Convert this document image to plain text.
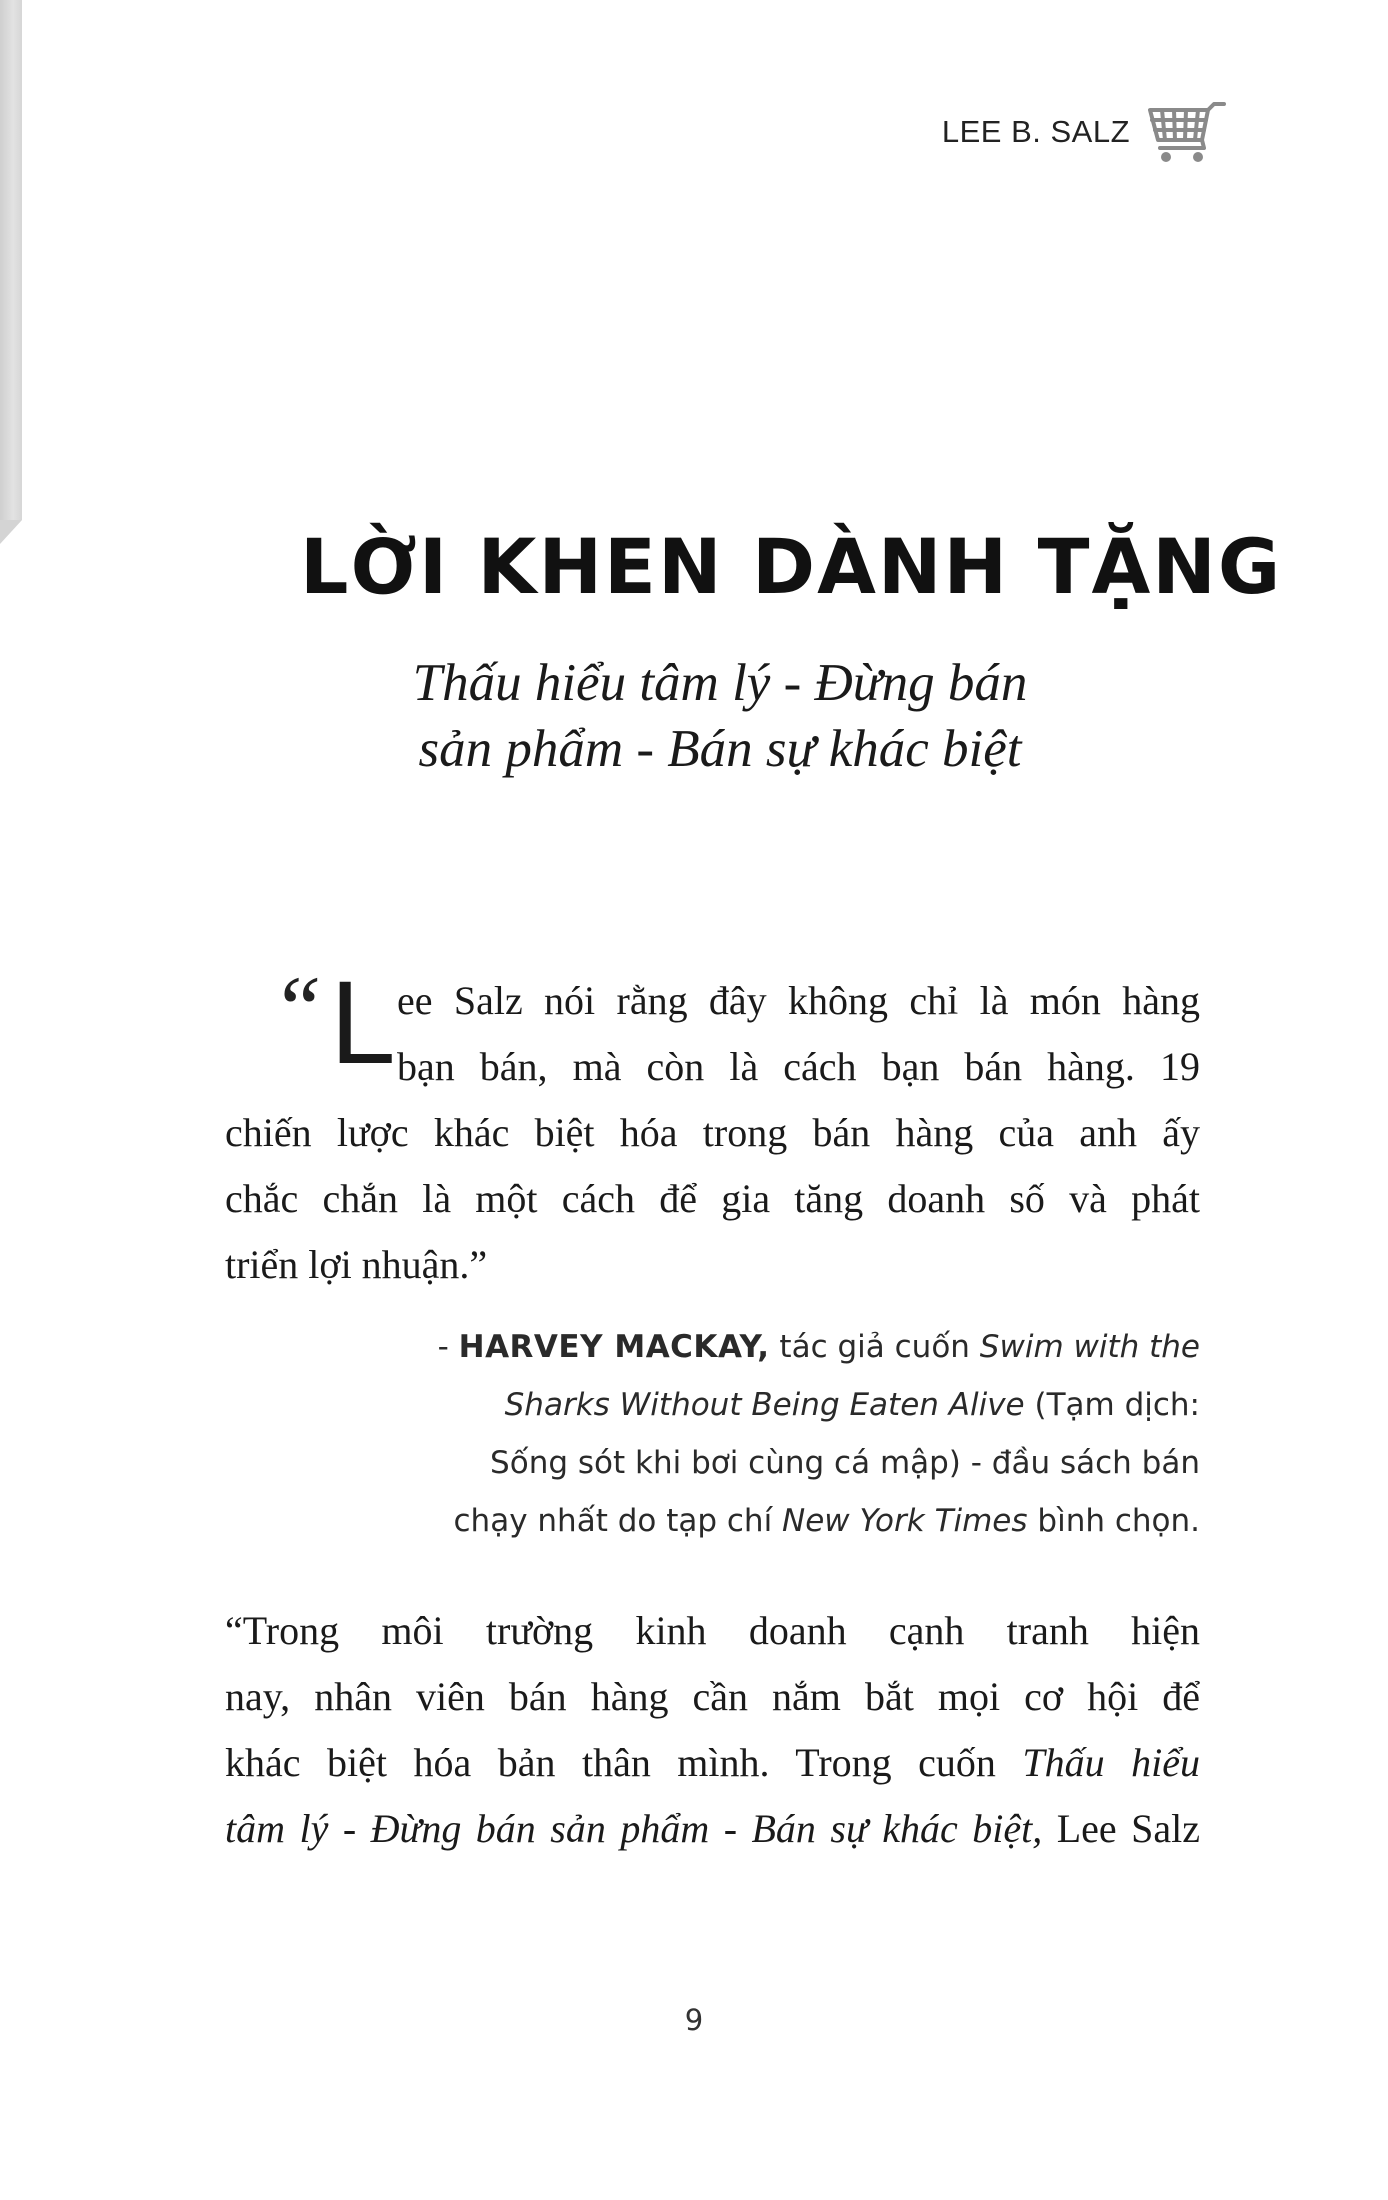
LEE B. SALZ
LỜI KHEN DÀNH TẶNG
Thấu hiểu tâm lý - Đừng bán
sản phẩm - Bán sự khác biệt
“ L ee Salz nói rằng đây không chỉ là món hàng
bạn bán, mà còn là cách bạn bán hàng. 19
chiến lược khác biệt hóa trong bán hàng của anh ấy
chắc chắn là một cách để gia tăng doanh số và phát
triển lợi nhuận.”
- HARVEY MACKAY, tác giả cuốn Swim with the
Sharks Without Being Eaten Alive (Tạm dịch:
Sống sót khi bơi cùng cá mập) - đầu sách bán
chạy nhất do tạp chí New York Times bình chọn.
“Trong môi trường kinh doanh cạnh tranh hiện
nay, nhân viên bán hàng cần nắm bắt mọi cơ hội để
khác biệt hóa bản thân mình. Trong cuốn Thấu hiểu
tâm lý - Đừng bán sản phẩm - Bán sự khác biệt, Lee Salz
9
